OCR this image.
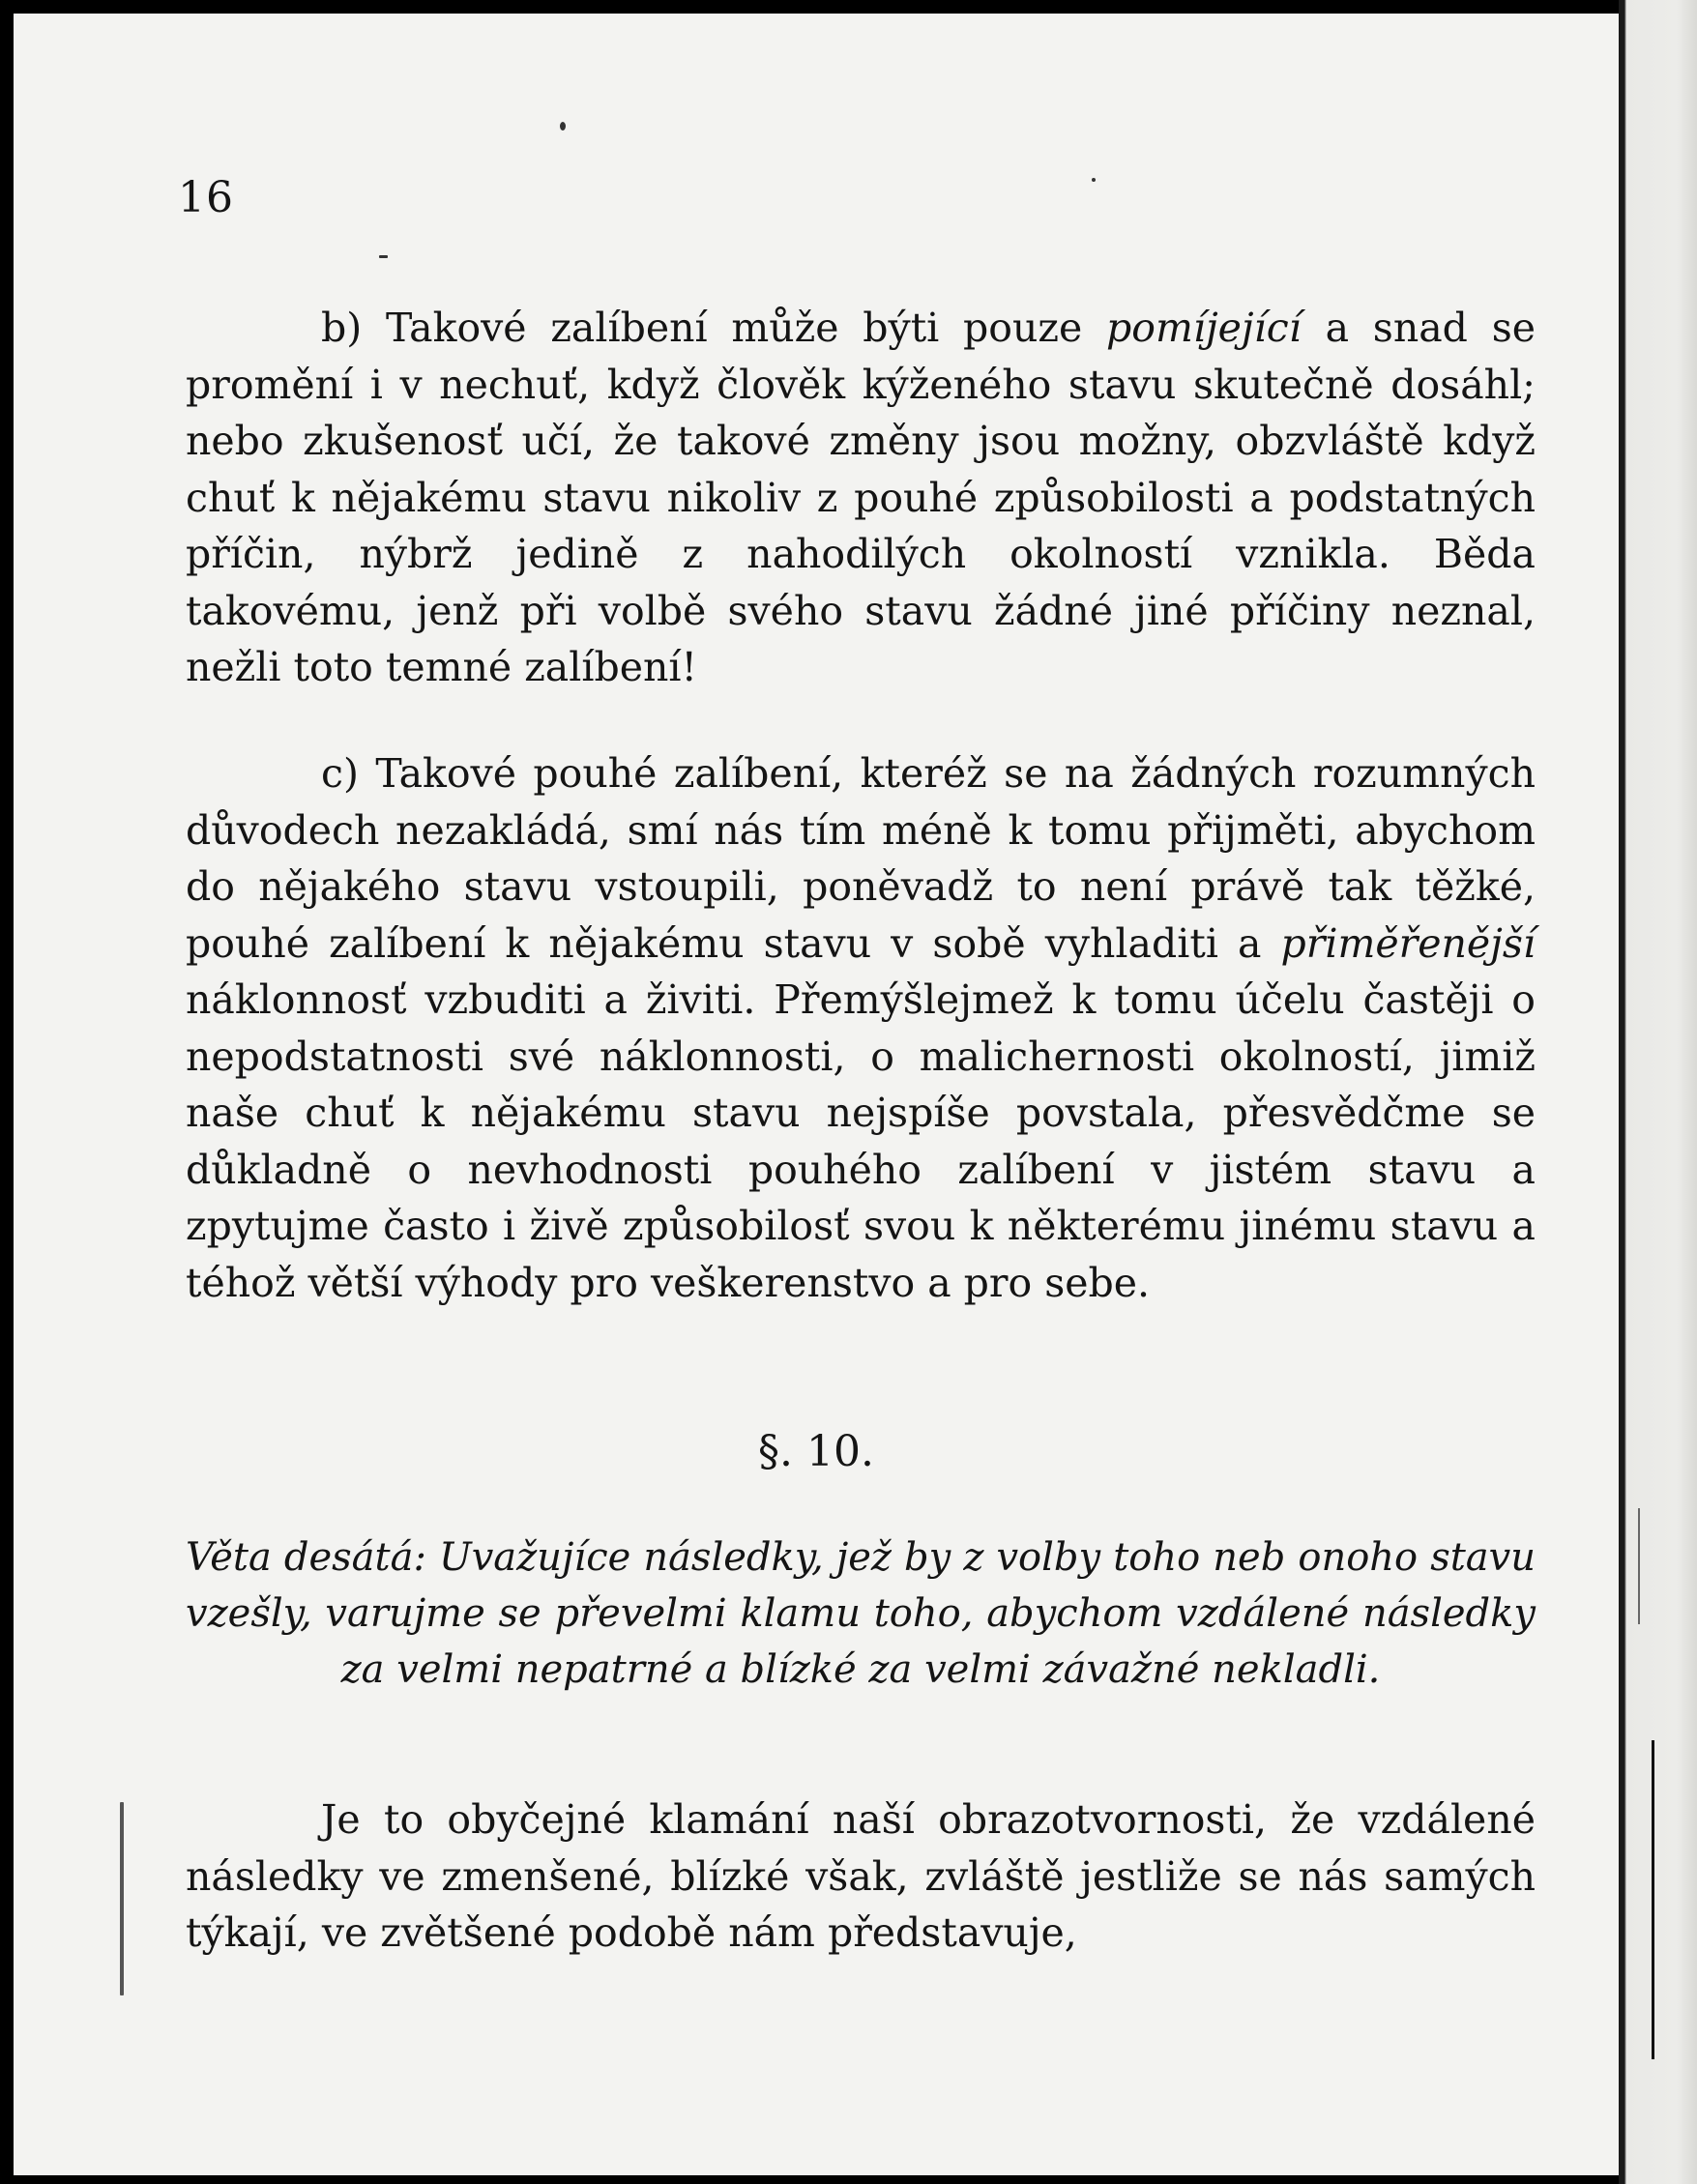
16
b) Takové zalíbení může býti pouze pomíjející a snad se promění i v nechuť, když člověk kýženého stavu skutečně dosáhl; nebo zkušenosť učí, že takové změny jsou možny, obzvláště když chuť k nějakému stavu nikoliv z pouhé způsobilosti a podstatných příčin, nýbrž jedině z nahodilých okolností vznikla. Běda takovému, jenž při volbě svého stavu žádné jiné příčiny neznal, nežli toto temné zalíbení!
c) Takové pouhé zalíbení, kteréž se na žádných rozumných důvodech nezakládá, smí nás tím méně k tomu přijměti, abychom do nějakého stavu vstoupili, poněvadž to není právě tak těžké, pouhé zalíbení k nějakému stavu v sobě vyhladiti a přiměřenější náklonnosť vzbuditi a živiti. Přemýšlejmež k tomu účelu častěji o nepodstatnosti své náklonnosti, o malichernosti okolností, jimiž naše chuť k nějakému stavu nejspíše povstala, přesvědčme se důkladně o nevhodnosti pouhého zalíbení v jistém stavu a zpytujme často i živě způsobilosť svou k některému jinému stavu a téhož větší výhody pro veškerenstvo a pro sebe.
§. 10.
Věta desátá: Uvažujíce následky, jež by z volby toho neb onoho stavu vzešly, varujme se převelmi klamu toho, abychom vzdálené následky za velmi nepatrné a blízké za velmi závažné nekladli.
Je to obyčejné klamání naší obrazotvornosti, že vzdálené následky ve zmenšené, blízké však, zvláště jestliže se nás samých týkají, ve zvětšené podobě nám představuje,
